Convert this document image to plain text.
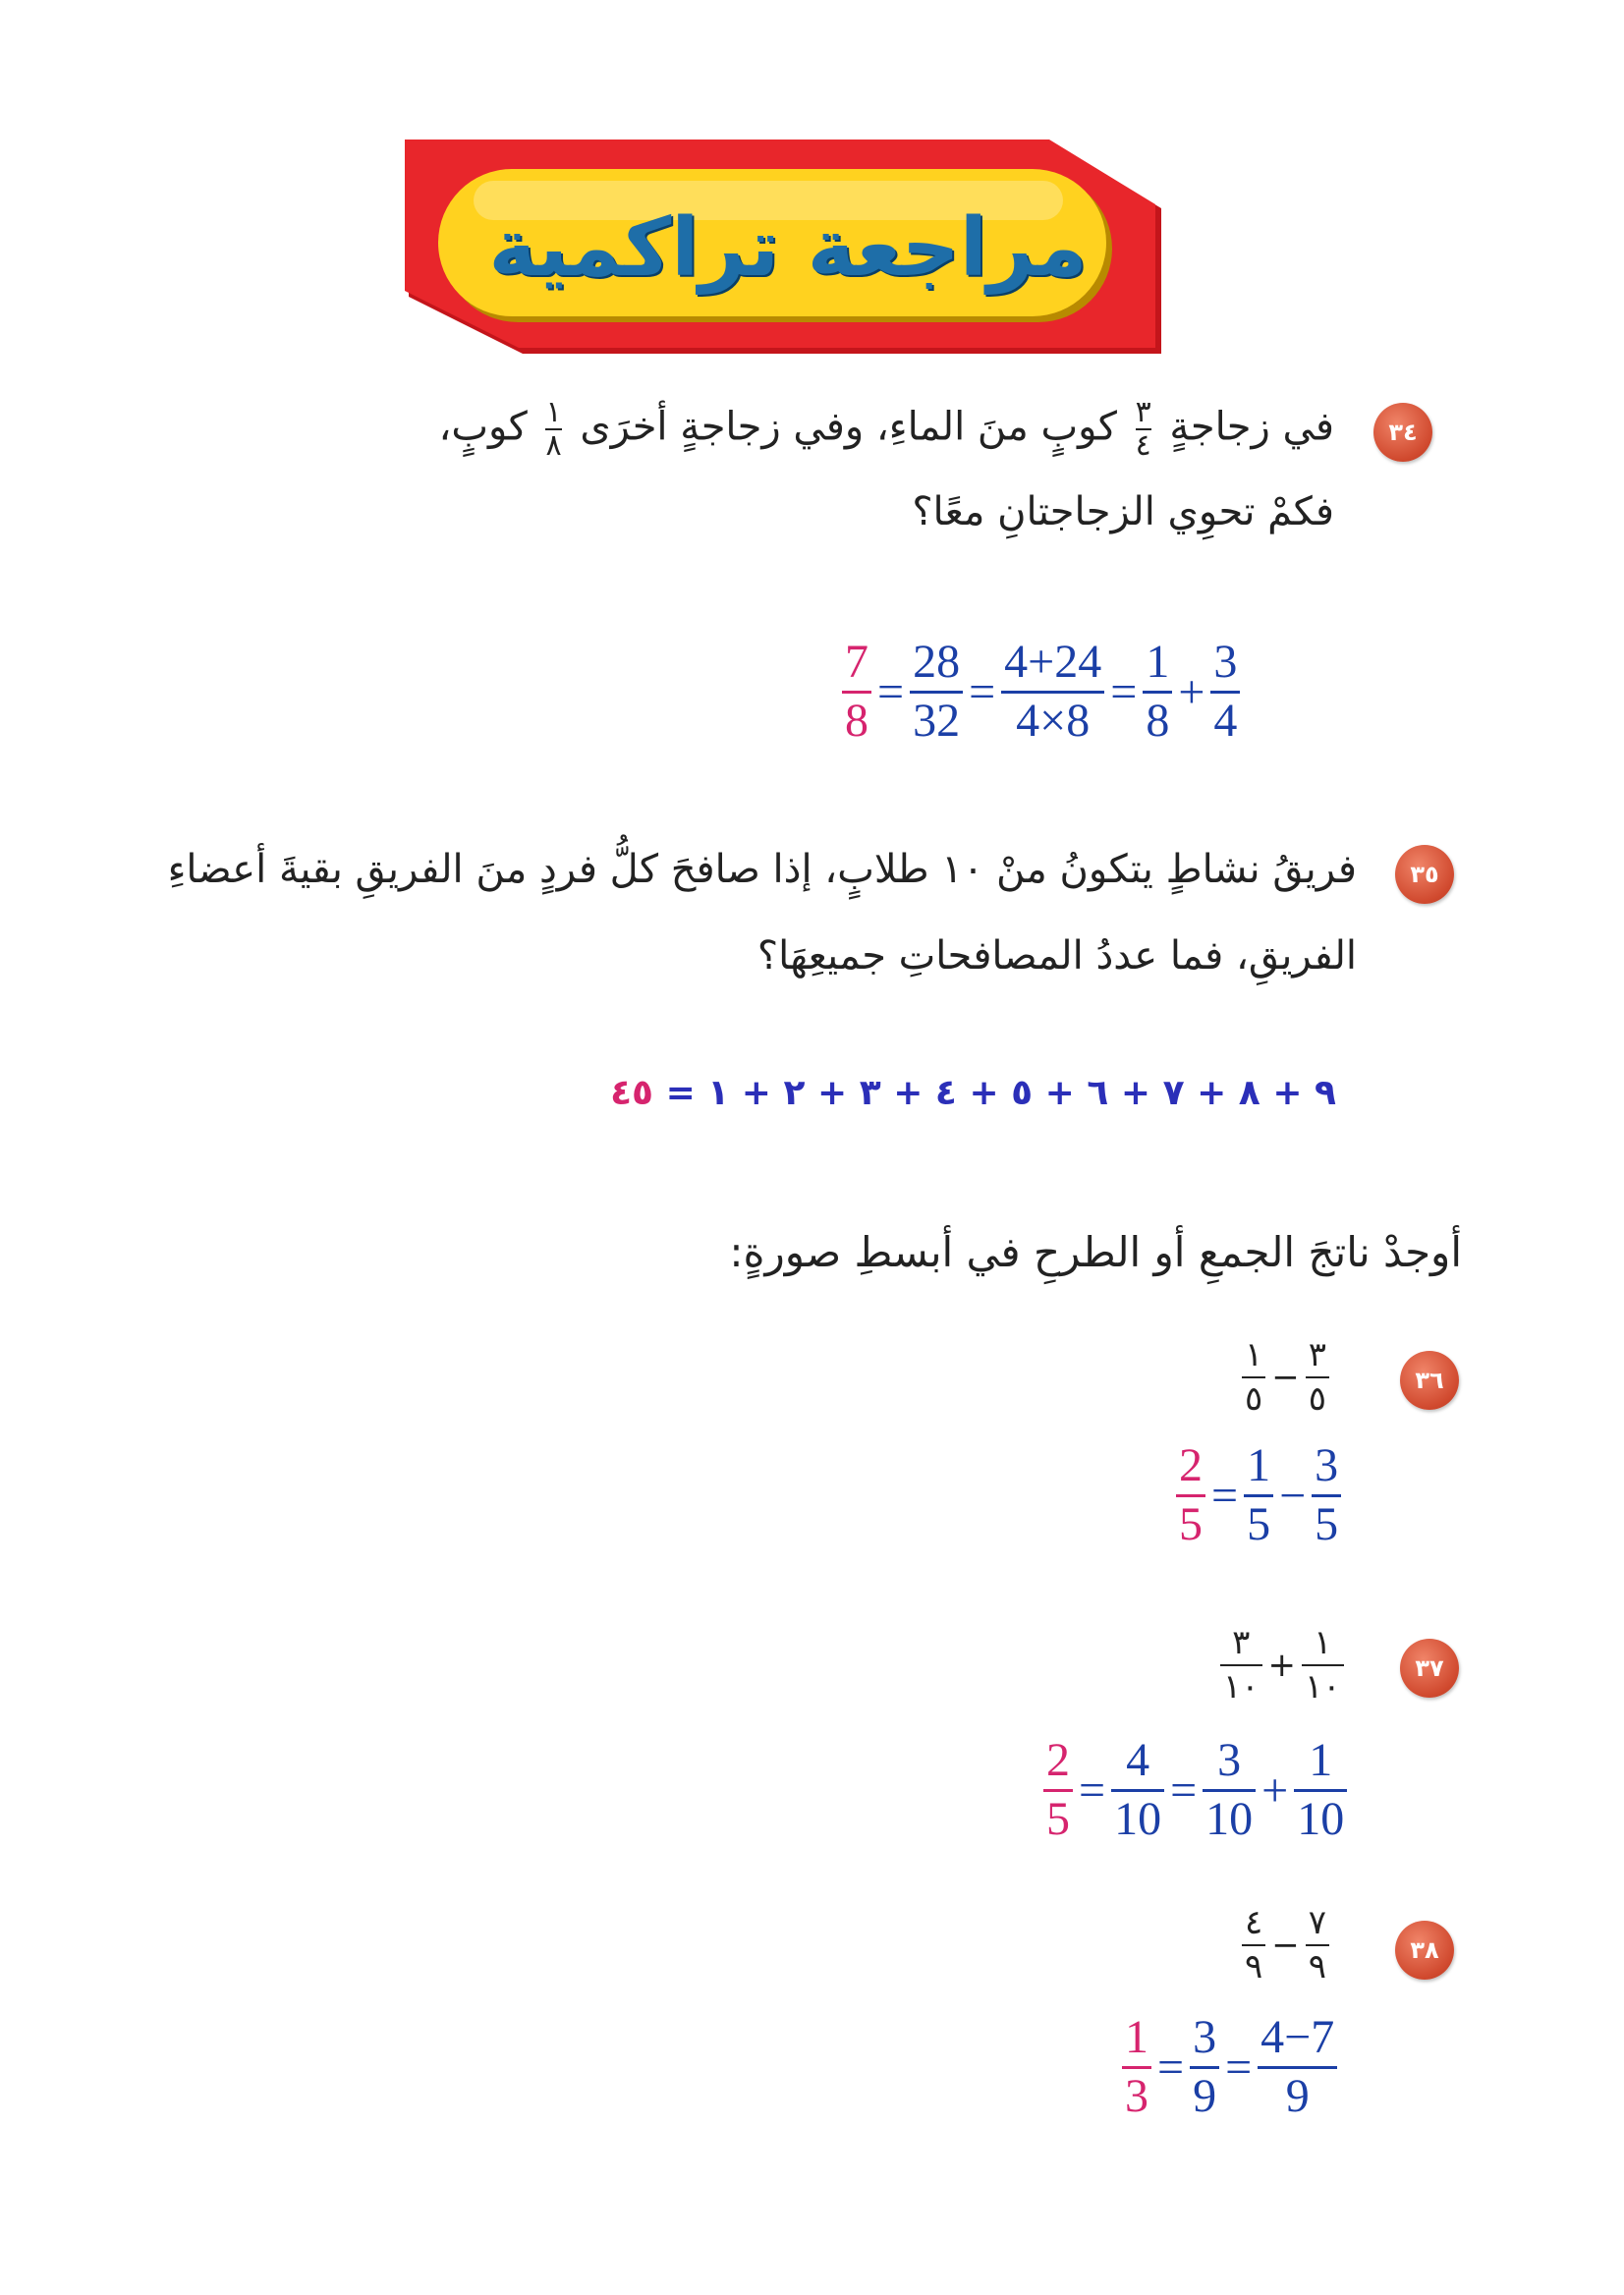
مراجعة تراكمية
٣٤
في زجاجةٍ
$\frac{٣}{٤}$
كوبٍ منَ الماءِ، وفي زجاجةٍ أخرَى
$\frac{١}{٨}$
كوبٍ،
فكمْ تحوِي الزجاجتانِ معًا؟
$\frac{7}{8} = \frac{28}{32} = \frac{4+24}{4\times 8} = \frac{1}{8} + \frac{3}{4}$
٣٥
فريقُ نشاطٍ يتكونُ منْ ١٠ طلابٍ، إذا صافحَ كلُّ فردٍ منَ الفريقِ بقيةَ أعضاءِ
الفريقِ، فما عددُ المصافحاتِ جميعِهَا؟
٩ + ٨ + ٧ + ٦ + ٥ + ٤ + ٣ + ٢ + ١ = ٤٥
أوجدْ ناتجَ الجمعِ أو الطرحِ في أبسطِ صورةٍ:
٣٦
$\frac{١}{٥} - \frac{٣}{٥}$
$\frac{2}{5} = \frac{1}{5} - \frac{3}{5}$
٣٧
$\frac{٣}{١٠} + \frac{١}{١٠}$
$\frac{2}{5} = \frac{4}{10} = \frac{3}{10} + \frac{1}{10}$
٣٨
$\frac{٤}{٩} - \frac{٧}{٩}$
$\frac{1}{3} = \frac{3}{9} = \frac{4-7}{9}$
